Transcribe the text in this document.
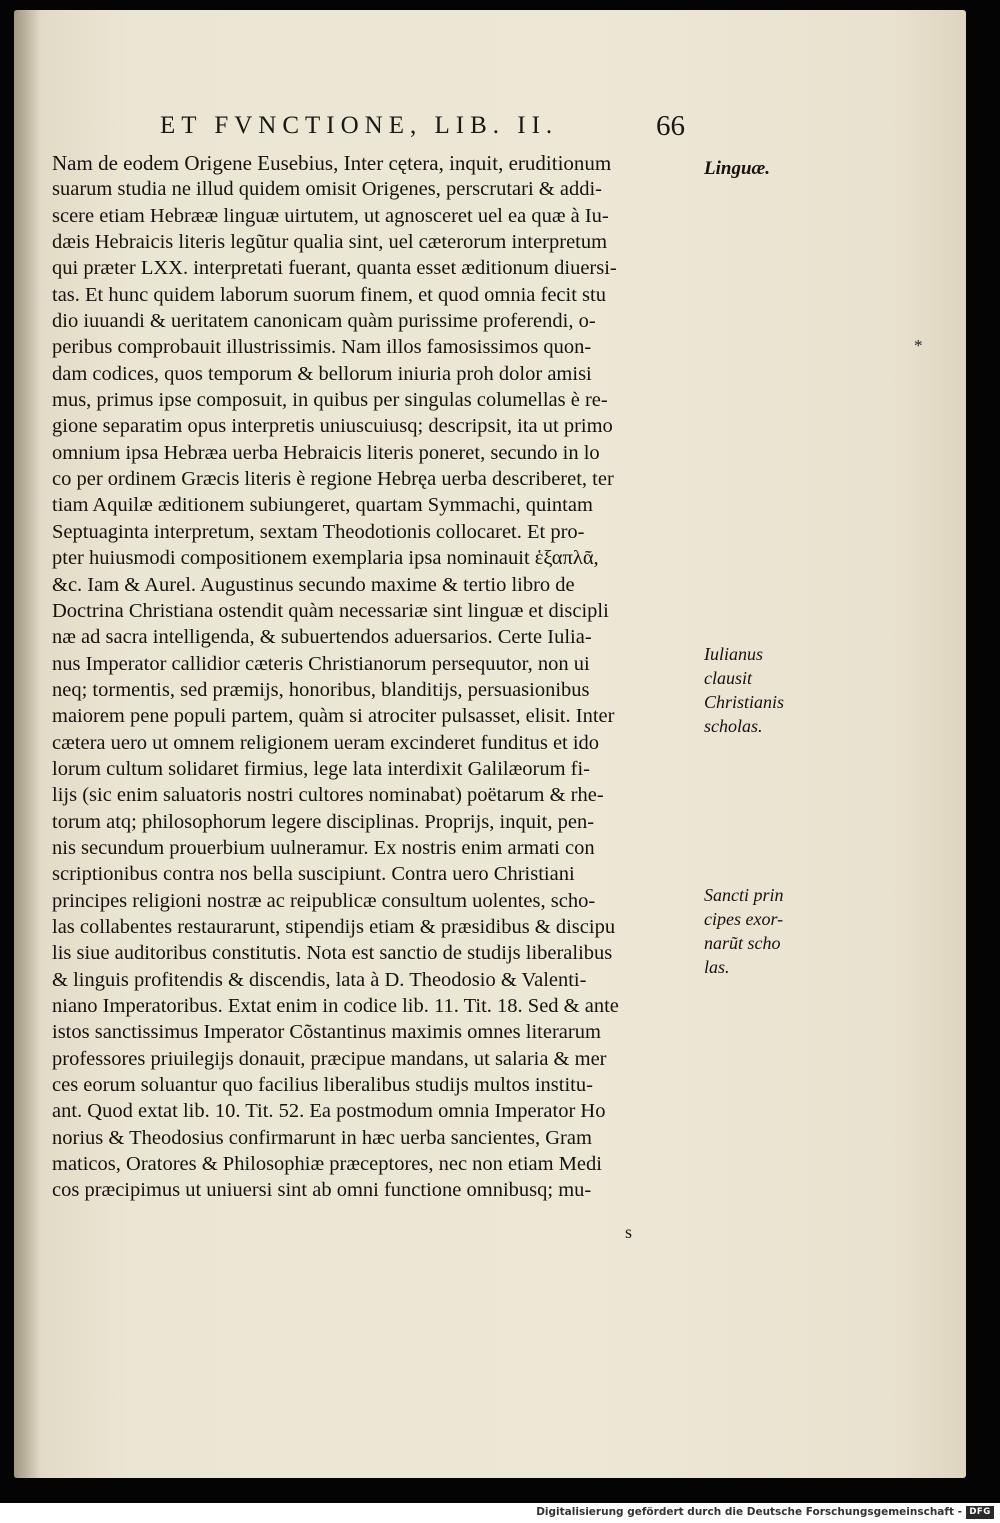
ET FVNCTIONE, LIB. II.	66
Nam de eodem Origene Eusebius, Inter cętera, inquit, eruditionum
suarum studia ne illud quidem omisit Origenes, perscrutari & addi-
scere etiam Hebrææ linguæ uirtutem, ut agnosceret uel ea quæ à Iu-
dæis Hebraicis literis legũtur qualia sint, uel cæterorum interpretum
qui præter LXX. interpretati fuerant, quanta esset æditionum diuersi-
tas. Et hunc quidem laborum suorum finem, et quod omnia fecit stu
dio iuuandi & ueritatem canonicam quàm purissime proferendi, o-
peribus comprobauit illustrissimis. Nam illos famosissimos quon-
dam codices, quos temporum & bellorum iniuria proh dolor amisi
mus, primus ipse composuit, in quibus per singulas columellas è re-
gione separatim opus interpretis uniuscuiusq; descripsit, ita ut primo
omnium ipsa Hebræa uerba Hebraicis literis poneret, secundo in lo
co per ordinem Græcis literis è regione Hebręa uerba describeret, ter
tiam Aquilæ æditionem subiungeret, quartam Symmachi, quintam
Septuaginta interpretum, sextam Theodotionis collocaret. Et pro-
pter huiusmodi compositionem exemplaria ipsa nominauit ἑξαπλᾶ,
&c. Iam & Aurel. Augustinus secundo maxime & tertio libro de
Doctrina Christiana ostendit quàm necessariæ sint linguæ et discipli
næ ad sacra intelligenda, & subuertendos aduersarios. Certe Iulia-
nus Imperator callidior cæteris Christianorum persequutor, non ui
neq; tormentis, sed præmijs, honoribus, blanditijs, persuasionibus
maiorem pene populi partem, quàm si atrociter pulsasset, elisit. Inter
cætera uero ut omnem religionem ueram excinderet funditus et ido
lorum cultum solidaret firmius, lege lata interdixit Galilæorum fi-
lijs (sic enim saluatoris nostri cultores nominabat) poëtarum & rhe-
torum atq; philosophorum legere disciplinas. Proprijs, inquit, pen-
nis secundum prouerbium uulneramur. Ex nostris enim armati con
scriptionibus contra nos bella suscipiunt. Contra uero Christiani
principes religioni nostræ ac reipublicæ consultum uolentes, scho-
las collabentes restaurarunt, stipendijs etiam & præsidibus & discipu
lis siue auditoribus constitutis. Nota est sanctio de studijs liberalibus
& linguis profitendis & discendis, lata à D. Theodosio & Valenti-
niano Imperatoribus. Extat enim in codice lib. 11. Tit. 18. Sed & ante
istos sanctissimus Imperator Cõstantinus maximis omnes literarum
professores priuilegijs donauit, præcipue mandans, ut salaria & mer
ces eorum soluantur quo facilius liberalibus studijs multos institu-
ant. Quod extat lib. 10. Tit. 52. Ea postmodum omnia Imperator Ho
norius & Theodosius confirmarunt in hæc uerba sancientes, Gram
maticos, Oratores & Philosophiæ præceptores, nec non etiam Medi
cos præcipimus ut uniuersi sint ab omni functione omnibusq; mu-
Linguæ.
Iulianus
clausit
Christianis
scholas.
Sancti prin
cipes exor-
narũt scho
las.
*
s
Digitalisierung gefördert durch die Deutsche Forschungsgemeinschaft - DFG
